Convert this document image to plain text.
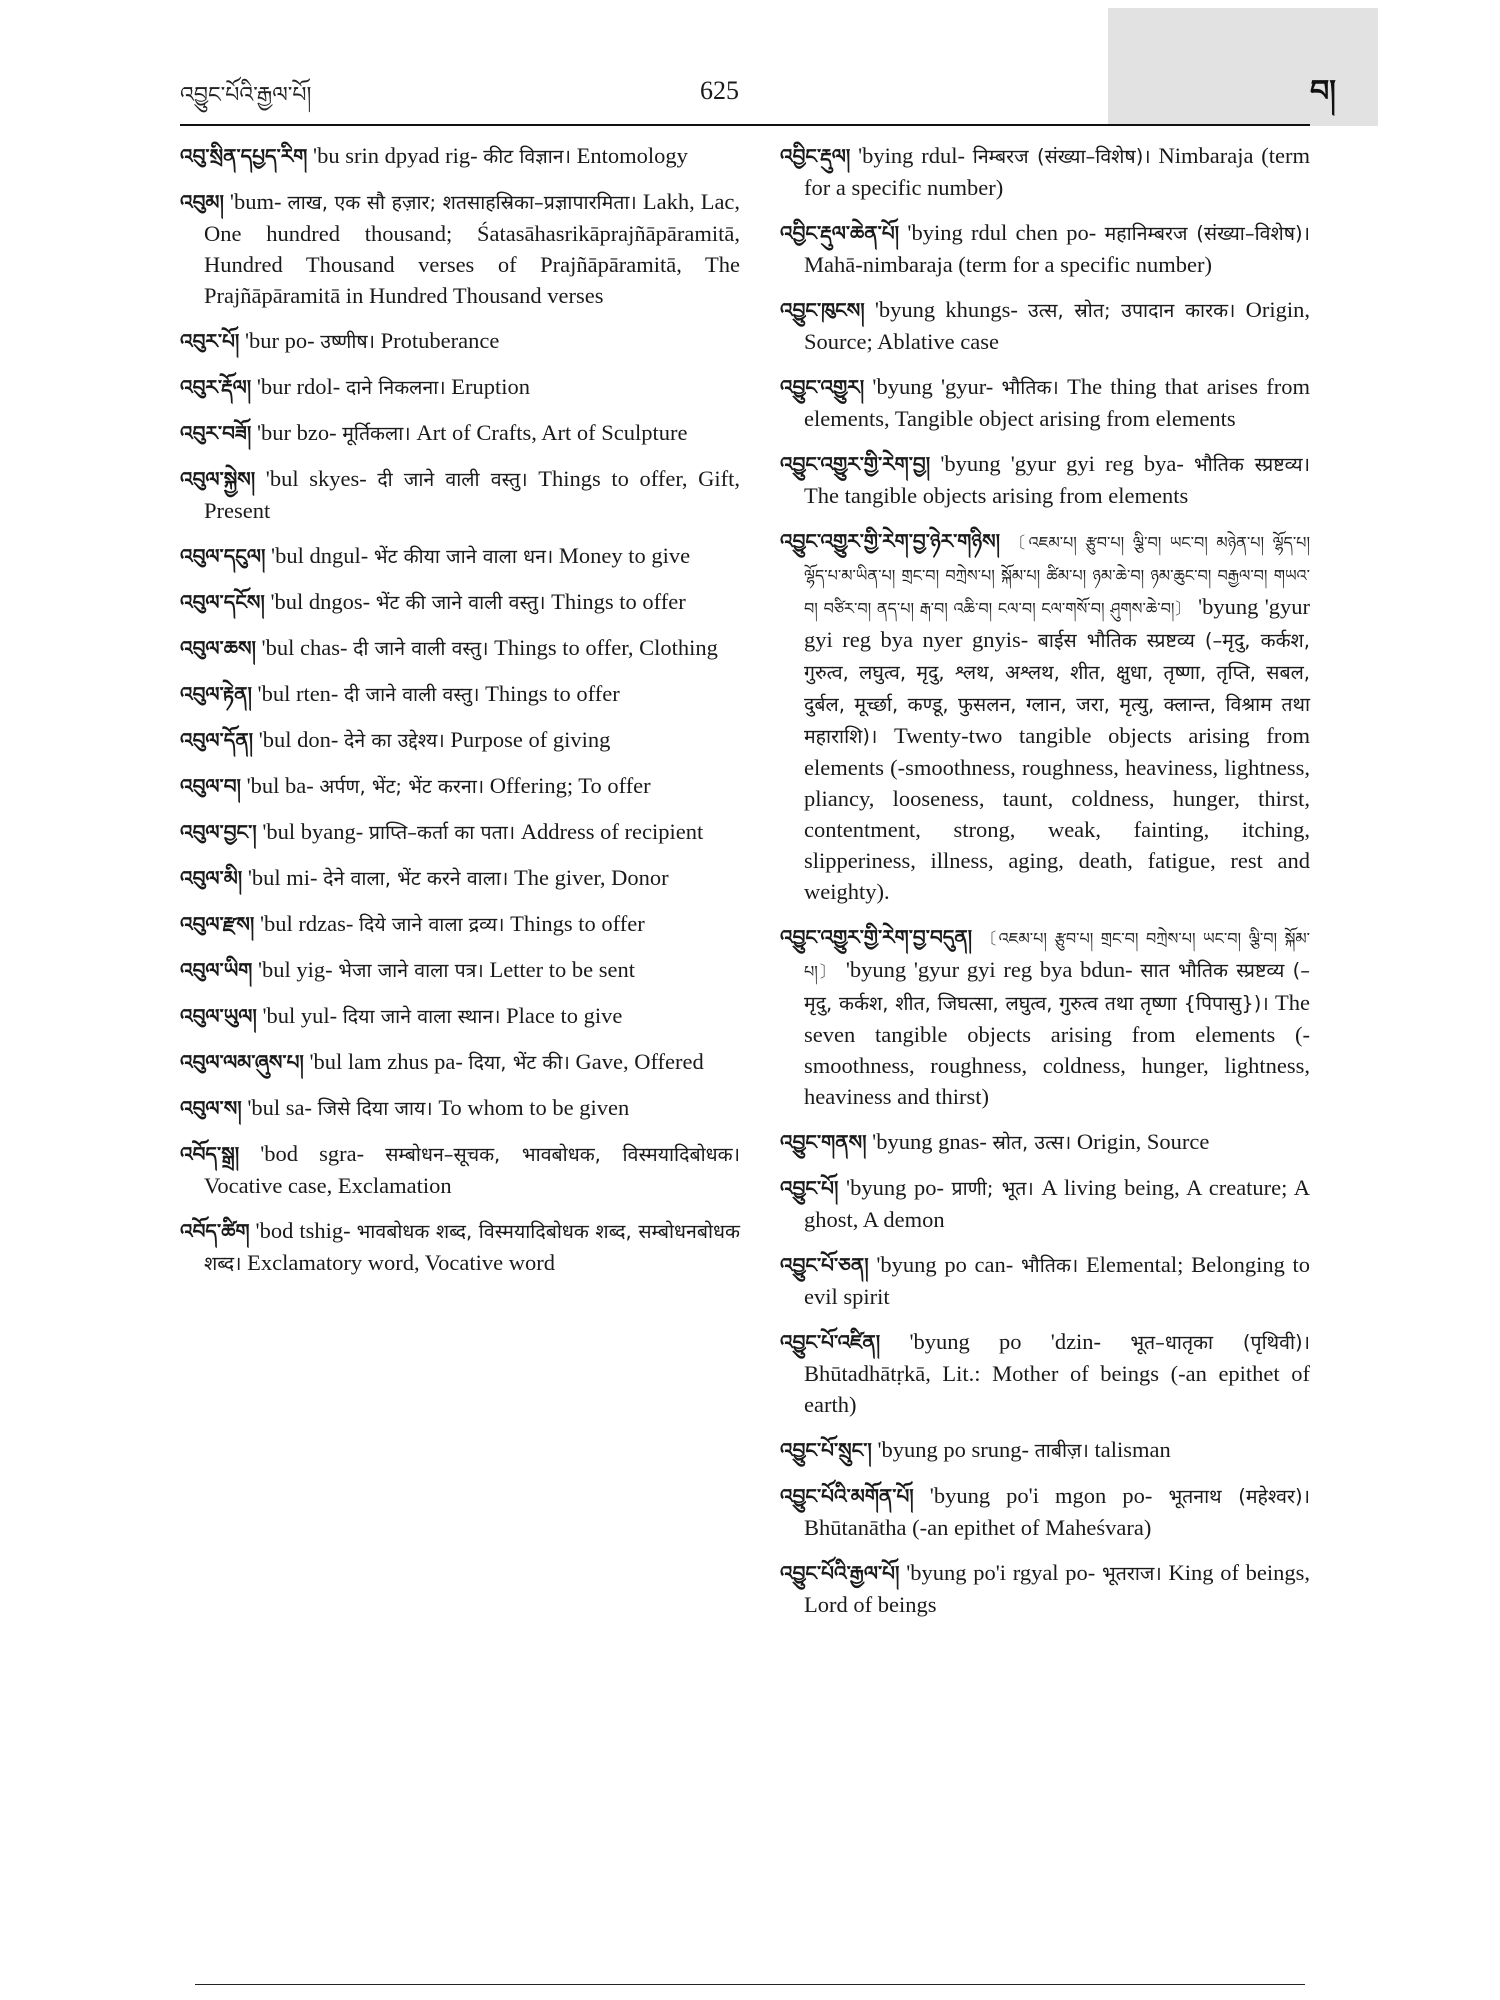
འབྱུང་པོའི་རྒྱལ་པོ།	625	བ།
འབུ་སྲིན་དཔྱད་རིག 'bu srin dpyad rig- कीट विज्ञान। Entomology
འབུམ། 'bum- लाख, एक सौ हज़ार; शतसाहस्रिका–प्रज्ञापारमिता। Lakh, Lac, One hundred thousand; Śatasāhasrikāprajñāpāramitā, Hundred Thousand verses of Prajñāpāramitā, The Prajñāpāramitā in Hundred Thousand verses
འབུར་པོ། 'bur po- उष्णीष। Protuberance
འབུར་རྡོལ། 'bur rdol- दाने निकलना। Eruption
འབུར་བཟོ། 'bur bzo- मूर्तिकला। Art of Crafts, Art of Sculpture
འབུལ་སྐྱེས། 'bul skyes- दी जाने वाली वस्तु। Things to offer, Gift, Present
འབུལ་དངུལ། 'bul dngul- भेंट कीया जाने वाला धन। Money to give
འབུལ་དངོས། 'bul dngos- भेंट की जाने वाली वस्तु। Things to offer
འབུལ་ཆས། 'bul chas- दी जाने वाली वस्तु। Things to offer, Clothing
འབུལ་རྟེན། 'bul rten- दी जाने वाली वस्तु। Things to offer
འབུལ་དོན། 'bul don- देने का उद्देश्य। Purpose of giving
འབུལ་བ། 'bul ba- अर्पण, भेंट; भेंट करना। Offering; To offer
འབུལ་བྱང་། 'bul byang- प्राप्ति–कर्ता का पता। Address of recipient
འབུལ་མི། 'bul mi- देने वाला, भेंट करने वाला। The giver, Donor
འབུལ་རྫས། 'bul rdzas- दिये जाने वाला द्रव्य। Things to offer
འབུལ་ཡིག 'bul yig- भेजा जाने वाला पत्र। Letter to be sent
འབུལ་ཡུལ། 'bul yul- दिया जाने वाला स्थान। Place to give
འབུལ་ལམ་ཞུས་པ། 'bul lam zhus pa- दिया, भेंट की। Gave, Offered
འབུལ་ས། 'bul sa- जिसे दिया जाय। To whom to be given
འབོད་སྒྲ། 'bod sgra- सम्बोधन–सूचक, भावबोधक, विस्मयादिबोधक। Vocative case, Exclamation
འབོད་ཚིག 'bod tshig- भावबोधक शब्द, विस्मयादिबोधक शब्द, सम्बोधनबोधक शब्द। Exclamatory word, Vocative word
འབྱིང་རྡུལ། 'bying rdul- निम्बरज (संख्या–विशेष)। Nimbaraja (term for a specific number)
འབྱིང་རྡུལ་ཆེན་པོ། 'bying rdul chen po- महानिम्बरज (संख्या–विशेष)। Mahā-nimbaraja (term for a specific number)
འབྱུང་ཁུངས། 'byung khungs- उत्स, स्रोत; उपादान कारक। Origin, Source; Ablative case
འབྱུང་འགྱུར། 'byung 'gyur- भौतिक। The thing that arises from elements, Tangible object arising from elements
འབྱུང་འགྱུར་གྱི་རེག་བྱ། 'byung 'gyur gyi reg bya- भौतिक स्प्रष्टव्य। The tangible objects arising from elements
འབྱུང་འགྱུར་གྱི་རེག་བྱ་ཉེར་གཉིས། 〔འཇམ་པ། རྩུབ་པ། ལྕི་བ། ཡང་བ། མཉེན་པ། ལྷོད་པ། ལྷོད་པ་མ་ཡིན་པ། གྲང་བ། བཀྲེས་པ། སྐོམ་པ། ཚིམ་པ། ཉམ་ཆེ་བ། ཉམ་ཆུང་བ། བརྒྱལ་བ། གཡའ་བ། བཙིར་བ། ནད་པ། རྒ་བ། འཆི་བ། ངལ་བ། ངལ་གསོ་བ། ཤུགས་ཆེ་བ།〕 'byung 'gyur gyi reg bya nyer gnyis- बाईस भौतिक स्प्रष्टव्य (–मृदु, कर्कश, गुरुत्व, लघुत्व, मृदु, श्लथ, अश्लथ, शीत, क्षुधा, तृष्णा, तृप्ति, सबल, दुर्बल, मूर्च्छा, कण्डू, फुसलन, ग्लान, जरा, मृत्यु, क्लान्त, विश्राम तथा महाराशि)। Twenty-two tangible objects arising from elements (-smoothness, roughness, heaviness, lightness, pliancy, looseness, taunt, coldness, hunger, thirst, contentment, strong, weak, fainting, itching, slipperiness, illness, aging, death, fatigue, rest and weighty).
འབྱུང་འགྱུར་གྱི་རེག་བྱ་བདུན། 〔འཇམ་པ། རྩུབ་པ། གྲང་བ། བཀྲེས་པ། ཡང་བ། ལྕི་བ། སྐོམ་པ།〕 'byung 'gyur gyi reg bya bdun- सात भौतिक स्प्रष्टव्य (–मृदु, कर्कश, शीत, जिघत्सा, लघुत्व, गुरुत्व तथा तृष्णा {पिपासु})। The seven tangible objects arising from elements (-smoothness, roughness, coldness, hunger, lightness, heaviness and thirst)
འབྱུང་གནས། 'byung gnas- स्रोत, उत्स। Origin, Source
འབྱུང་པོ། 'byung po- प्राणी; भूत। A living being, A creature; A ghost, A demon
འབྱུང་པོ་ཅན། 'byung po can- भौतिक। Elemental; Belonging to evil spirit
འབྱུང་པོ་འཛིན། 'byung po 'dzin- भूत–धातृका (पृथिवी)। Bhūtadhātṛkā, Lit.: Mother of beings (-an epithet of earth)
འབྱུང་པོ་སྲུང་། 'byung po srung- ताबीज़। talisman
འབྱུང་པོའི་མགོན་པོ། 'byung po'i mgon po- भूतनाथ (महेश्वर)। Bhūtanātha (-an epithet of Maheśvara)
འབྱུང་པོའི་རྒྱལ་པོ། 'byung po'i rgyal po- भूतराज। King of beings, Lord of beings
